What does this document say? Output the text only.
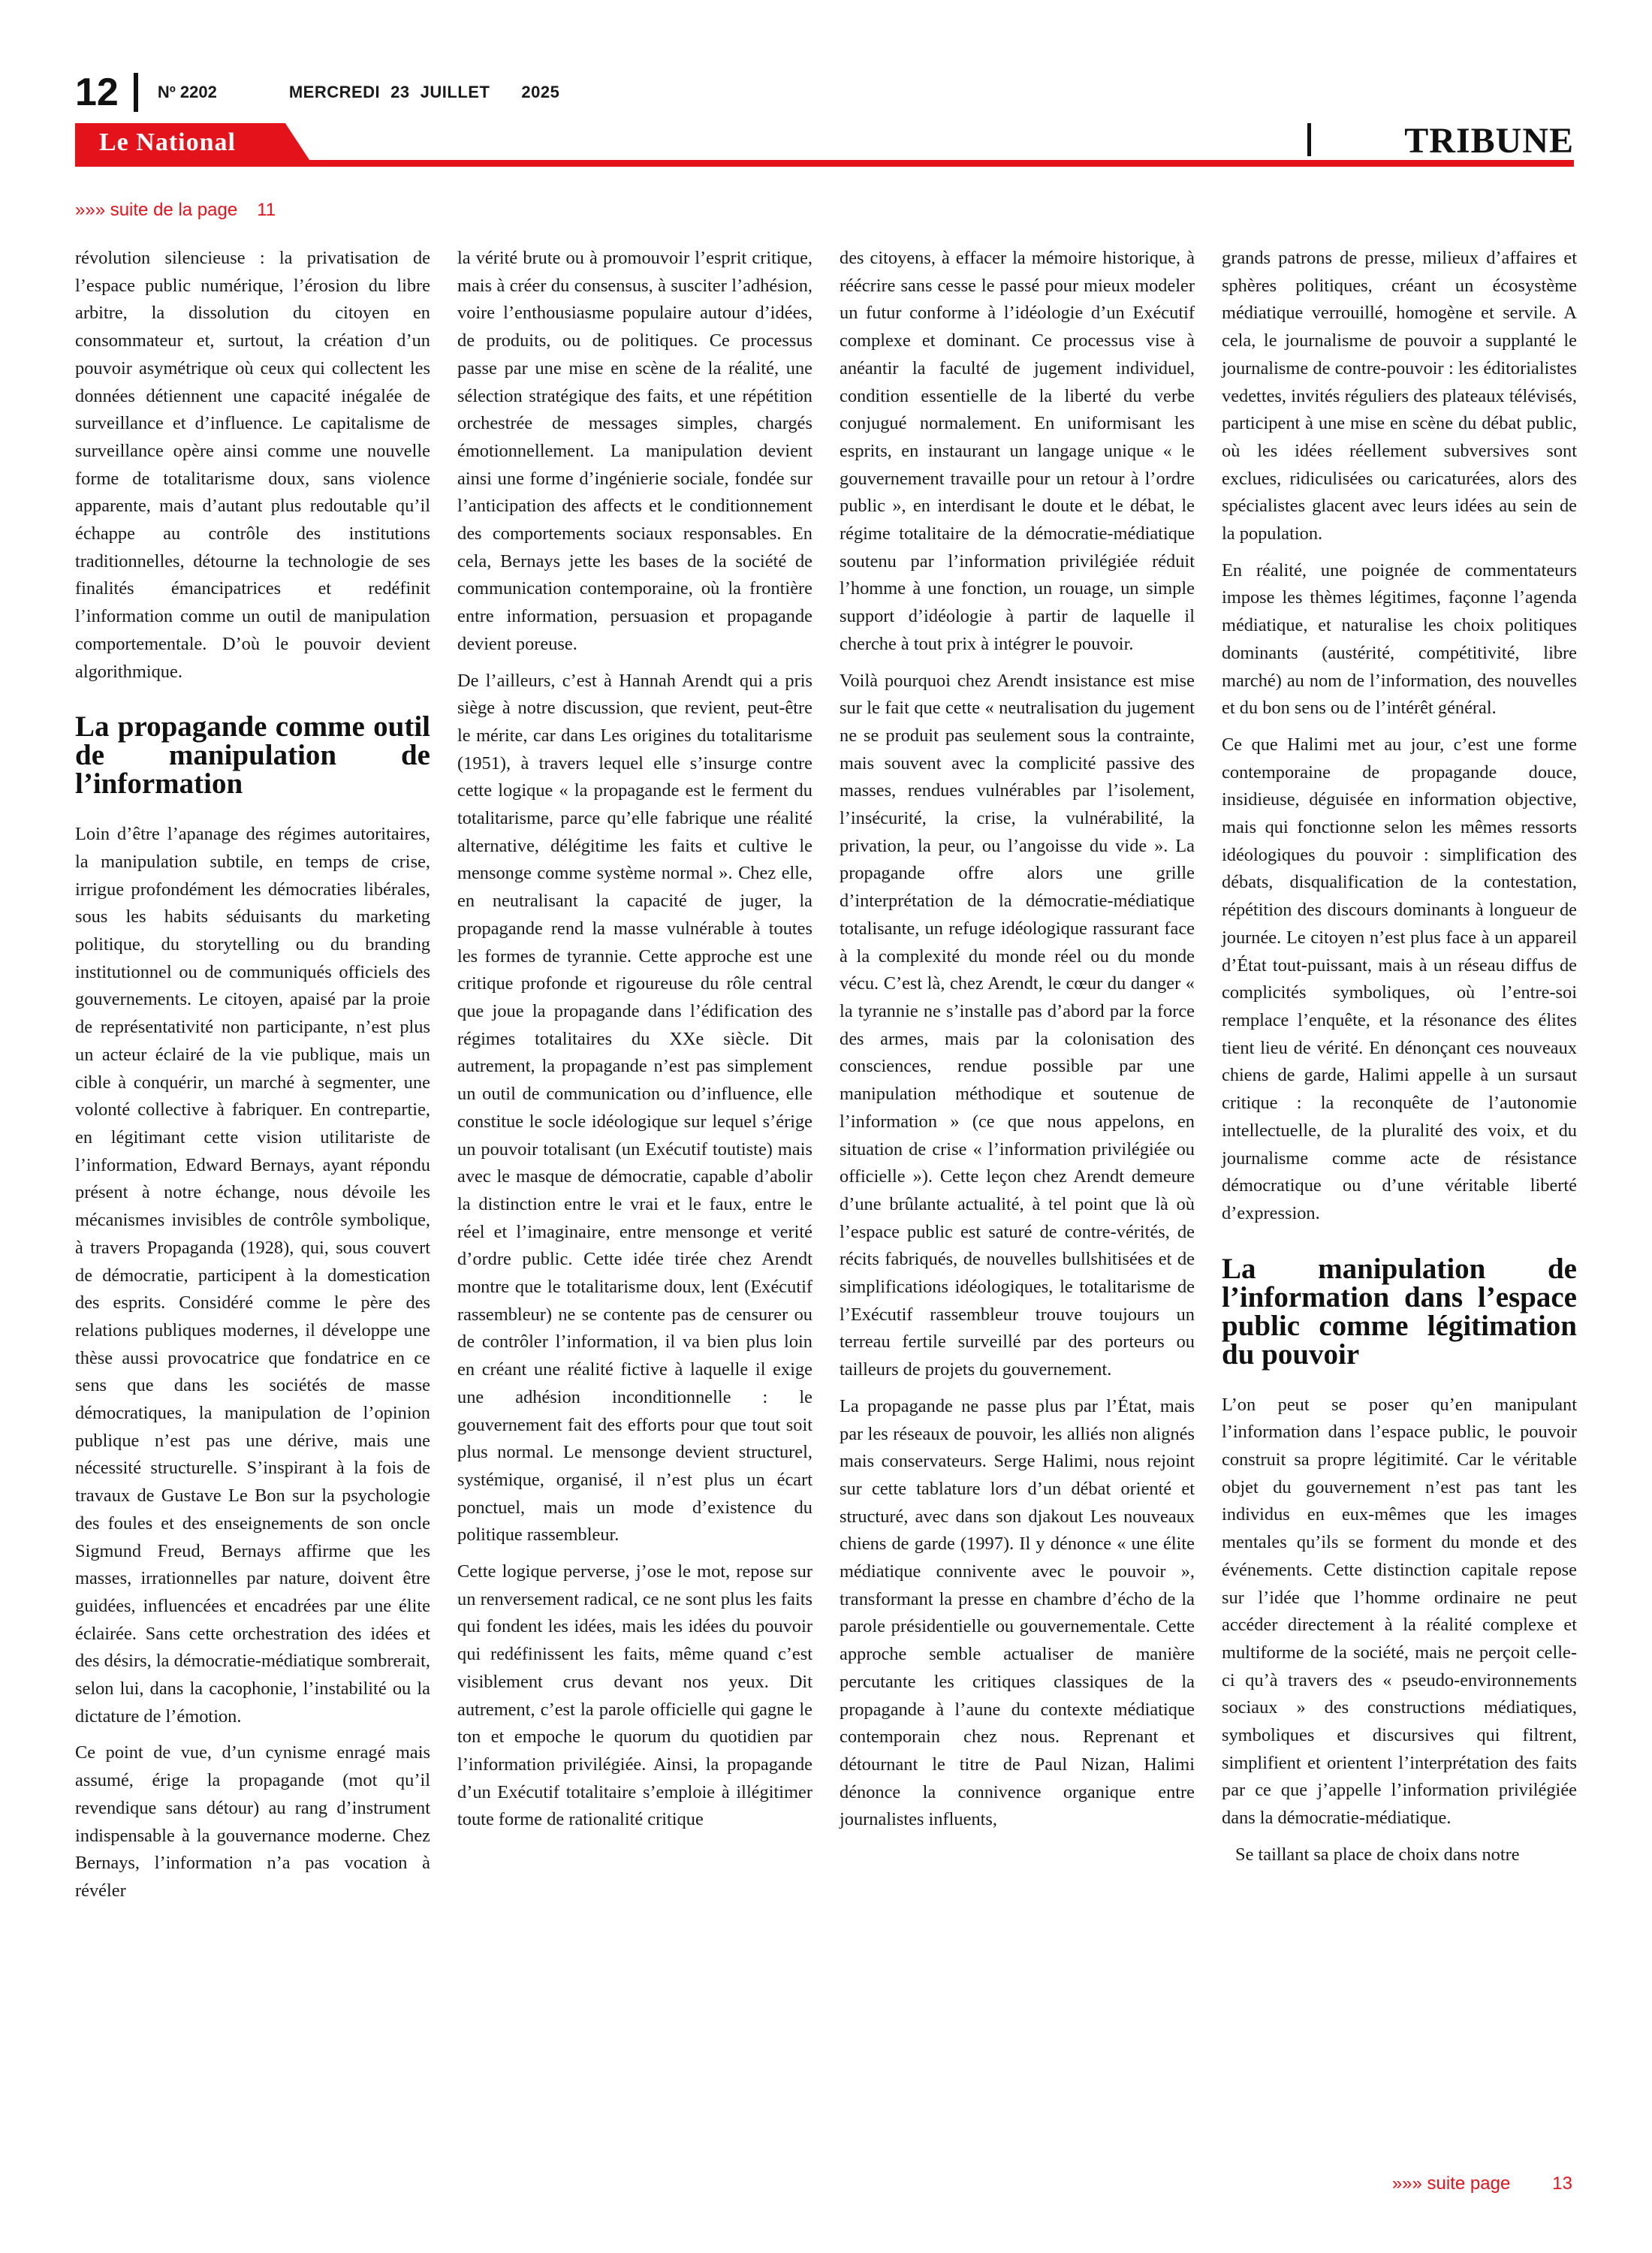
12 Nº 2202	MERCREDI 23 JUILLET 2025
Le National	TRIBUNE
»»» suite de la page 11

révolution silencieuse : la privatisation de l’espace public numérique, l’érosion du libre arbitre, la dissolution du citoyen en consommateur et, surtout, la création d’un pouvoir asymétrique où ceux qui collectent les données détiennent une capacité inégalée de surveillance et d’influence. Le capitalisme de surveillance opère ainsi comme une nouvelle forme de totalitarisme doux, sans violence apparente, mais d’autant plus redoutable qu’il échappe au contrôle des institutions traditionnelles, détourne la technologie de ses finalités émancipatrices et redéfinit l’information comme un outil de manipulation comportementale. D’où le pouvoir devient algorithmique.

La propagande comme outil de manipulation de l’information

Loin d’être l’apanage des régimes autoritaires, la manipulation subtile, en temps de crise, irrigue profondément les démocraties libérales, sous les habits séduisants du marketing politique, du storytelling ou du branding institutionnel ou de communiqués officiels des gouvernements. Le citoyen, apaisé par la proie de représentativité non participante, n’est plus un acteur éclairé de la vie publique, mais un cible à conquérir, un marché à segmenter, une volonté collective à fabriquer. En contrepartie, en légitimant cette vision utilitariste de l’information, Edward Bernays, ayant répondu présent à notre échange, nous dévoile les mécanismes invisibles de contrôle symbolique, à travers Propaganda (1928), qui, sous couvert de démocratie, participent à la domestication des esprits. Considéré comme le père des relations publiques modernes, il développe une thèse aussi provocatrice que fondatrice en ce sens que dans les sociétés de masse démocratiques, la manipulation de l’opinion publique n’est pas une dérive, mais une nécessité structurelle. S’inspirant à la fois de travaux de Gustave Le Bon sur la psychologie des foules et des enseignements de son oncle Sigmund Freud, Bernays affirme que les masses, irrationnelles par nature, doivent être guidées, influencées et encadrées par une élite éclairée. Sans cette orchestration des idées et des désirs, la démocratie-médiatique sombrerait, selon lui, dans la cacophonie, l’instabilité ou la dictature de l’émotion.

Ce point de vue, d’un cynisme enragé mais assumé, érige la propagande (mot qu’il revendique sans détour) au rang d’instrument indispensable à la gouvernance moderne. Chez Bernays, l’information n’a pas vocation à révéler

la vérité brute ou à promouvoir l’esprit critique, mais à créer du consensus, à susciter l’adhésion, voire l’enthousiasme populaire autour d’idées, de produits, ou de politiques. Ce processus passe par une mise en scène de la réalité, une sélection stratégique des faits, et une répétition orchestrée de messages simples, chargés émotionnellement. La manipulation devient ainsi une forme d’ingénierie sociale, fondée sur l’anticipation des affects et le conditionnement des comportements sociaux responsables. En cela, Bernays jette les bases de la société de communication contemporaine, où la frontière entre information, persuasion et propagande devient poreuse.

De l’ailleurs, c’est à Hannah Arendt qui a pris siège à notre discussion, que revient, peut-être le mérite, car dans Les origines du totalitarisme (1951), à travers lequel elle s’insurge contre cette logique « la propagande est le ferment du totalitarisme, parce qu’elle fabrique une réalité alternative, délégitime les faits et cultive le mensonge comme système normal ». Chez elle, en neutralisant la capacité de juger, la propagande rend la masse vulnérable à toutes les formes de tyrannie. Cette approche est une critique profonde et rigoureuse du rôle central que joue la propagande dans l’édification des régimes totalitaires du XXe siècle. Dit autrement, la propagande n’est pas simplement un outil de communication ou d’influence, elle constitue le socle idéologique sur lequel s’érige un pouvoir totalisant (un Exécutif toutiste) mais avec le masque de démocratie, capable d’abolir la distinction entre le vrai et le faux, entre le réel et l’imaginaire, entre mensonge et verité d’ordre public. Cette idée tirée chez Arendt montre que le totalitarisme doux, lent (Exécutif rassembleur) ne se contente pas de censurer ou de contrôler l’information, il va bien plus loin en créant une réalité fictive à laquelle il exige une adhésion inconditionnelle : le gouvernement fait des efforts pour que tout soit plus normal. Le mensonge devient structurel, systémique, organisé, il n’est plus un écart ponctuel, mais un mode d’existence du politique rassembleur.

Cette logique perverse, j’ose le mot, repose sur un renversement radical, ce ne sont plus les faits qui fondent les idées, mais les idées du pouvoir qui redéfinissent les faits, même quand c’est visiblement crus devant nos yeux. Dit autrement, c’est la parole officielle qui gagne le ton et empoche le quorum du quotidien par l’information privilégiée. Ainsi, la propagande d’un Exécutif totalitaire s’emploie à illégitimer toute forme de rationalité critique

des citoyens, à effacer la mémoire historique, à réécrire sans cesse le passé pour mieux modeler un futur conforme à l’idéologie d’un Exécutif complexe et dominant. Ce processus vise à anéantir la faculté de jugement individuel, condition essentielle de la liberté du verbe conjugué normalement. En uniformisant les esprits, en instaurant un langage unique « le gouvernement travaille pour un retour à l’ordre public », en interdisant le doute et le débat, le régime totalitaire de la démocratie-médiatique soutenu par l’information privilégiée réduit l’homme à une fonction, un rouage, un simple support d’idéologie à partir de laquelle il cherche à tout prix à intégrer le pouvoir.

Voilà pourquoi chez Arendt insistance est mise sur le fait que cette « neutralisation du jugement ne se produit pas seulement sous la contrainte, mais souvent avec la complicité passive des masses, rendues vulnérables par l’isolement, l’insécurité, la crise, la vulnérabilité, la privation, la peur, ou l’angoisse du vide ». La propagande offre alors une grille d’interprétation de la démocratie-médiatique totalisante, un refuge idéologique rassurant face à la complexité du monde réel ou du monde vécu. C’est là, chez Arendt, le cœur du danger « la tyrannie ne s’installe pas d’abord par la force des armes, mais par la colonisation des consciences, rendue possible par une manipulation méthodique et soutenue de l’information » (ce que nous appelons, en situation de crise « l’information privilégiée ou officielle »). Cette leçon chez Arendt demeure d’une brûlante actualité, à tel point que là où l’espace public est saturé de contre-vérités, de récits fabriqués, de nouvelles bullshitisées et de simplifications idéologiques, le totalitarisme de l’Exécutif rassembleur trouve toujours un terreau fertile surveillé par des porteurs ou tailleurs de projets du gouvernement.

La propagande ne passe plus par l’État, mais par les réseaux de pouvoir, les alliés non alignés mais conservateurs. Serge Halimi, nous rejoint sur cette tablature lors d’un débat orienté et structuré, avec dans son djakout Les nouveaux chiens de garde (1997). Il y dénonce « une élite médiatique connivente avec le pouvoir », transformant la presse en chambre d’écho de la parole présidentielle ou gouvernementale. Cette approche semble actualiser de manière percutante les critiques classiques de la propagande à l’aune du contexte médiatique contemporain chez nous. Reprenant et détournant le titre de Paul Nizan, Halimi dénonce la connivence organique entre journalistes influents,

grands patrons de presse, milieux d’affaires et sphères politiques, créant un écosystème médiatique verrouillé, homogène et servile. A cela, le journalisme de pouvoir a supplanté le journalisme de contre-pouvoir : les éditorialistes vedettes, invités réguliers des plateaux télévisés, participent à une mise en scène du débat public, où les idées réellement subversives sont exclues, ridiculisées ou caricaturées, alors des spécialistes glacent avec leurs idées au sein de la population.

En réalité, une poignée de commentateurs impose les thèmes légitimes, façonne l’agenda médiatique, et naturalise les choix politiques dominants (austérité, compétitivité, libre marché) au nom de l’information, des nouvelles et du bon sens ou de l’intérêt général.

Ce que Halimi met au jour, c’est une forme contemporaine de propagande douce, insidieuse, déguisée en information objective, mais qui fonctionne selon les mêmes ressorts idéologiques du pouvoir : simplification des débats, disqualification de la contestation, répétition des discours dominants à longueur de journée. Le citoyen n’est plus face à un appareil d’État tout-puissant, mais à un réseau diffus de complicités symboliques, où l’entre-soi remplace l’enquête, et la résonance des élites tient lieu de vérité. En dénonçant ces nouveaux chiens de garde, Halimi appelle à un sursaut critique : la reconquête de l’autonomie intellectuelle, de la pluralité des voix, et du journalisme comme acte de résistance démocratique ou d’une véritable liberté d’expression.

La manipulation de l’information dans l’espace public comme légitimation du pouvoir

L’on peut se poser qu’en manipulant l’information dans l’espace public, le pouvoir construit sa propre légitimité. Car le véritable objet du gouvernement n’est pas tant les individus en eux-mêmes que les images mentales qu’ils se forment du monde et des événements. Cette distinction capitale repose sur l’idée que l’homme ordinaire ne peut accéder directement à la réalité complexe et multiforme de la société, mais ne perçoit celle-ci qu’à travers des « pseudo-environnements sociaux » des constructions médiatiques, symboliques et discursives qui filtrent, simplifient et orientent l’interprétation des faits par ce que j’appelle l’information privilégiée dans la démocratie-médiatique.

Se taillant sa place de choix dans notre

»»» suite page 13
